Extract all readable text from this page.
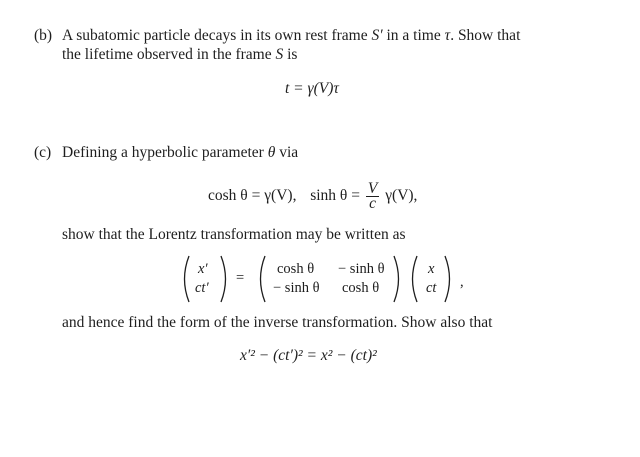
(b) A subatomic particle decays in its own rest frame S′ in a time τ. Show that
the lifetime observed in the frame S is
t = γ(V)τ
(c) Defining a hyperbolic parameter θ via
cosh θ = γ(V), $\sinh \theta = \frac{V}{c} \gamma(V)$,
show that the Lorentz transformation may be written as
x′
ct′
=
cosh θ − sinh θ
− sinh θ cosh θ
x
ct ,
and hence find the form of the inverse transformation. Show also that
x′² − (ct′)² = x² − (ct)²
